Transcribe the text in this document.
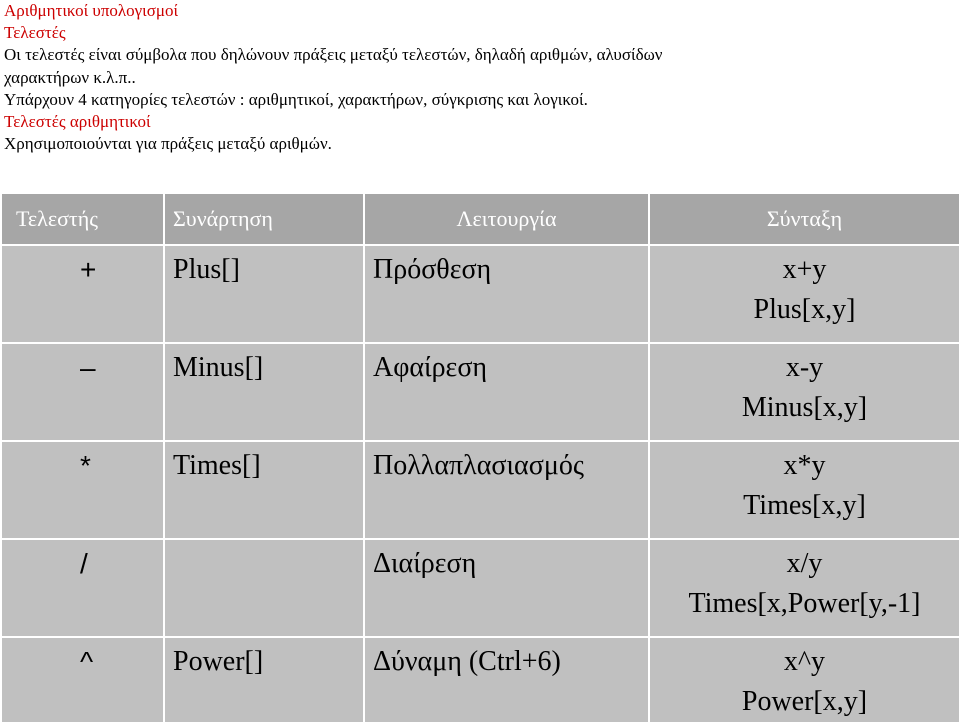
Αριθμητικοί υπολογισμοί
Τελεστές
Οι τελεστές είναι σύμβολα που δηλώνουν πράξεις μεταξύ τελεστών, δηλαδή αριθμών, αλυσίδων
χαρακτήρων κ.λ.π..
Υπάρχουν 4 κατηγορίες τελεστών : αριθμητικοί, χαρακτήρων, σύγκρισης και λογικοί.
Τελεστές αριθμητικοί
Χρησιμοποιούνται για πράξεις μεταξύ αριθμών.
Τελεστής	Συνάρτηση	Λειτουργία	Σύνταξη
+	Plus[]	Πρόσθεση	x+y
Plus[x,y]

–	Minus[]	Αφαίρεση	x-y
Minus[x,y]

*	Times[]	Πολλαπλασιασμός	x*y
Times[x,y]

/		Διαίρεση	x/y
Times[x,Power[y,-1]

^	Power[]	Δύναμη (Ctrl+6)	x^y
Power[x,y]
